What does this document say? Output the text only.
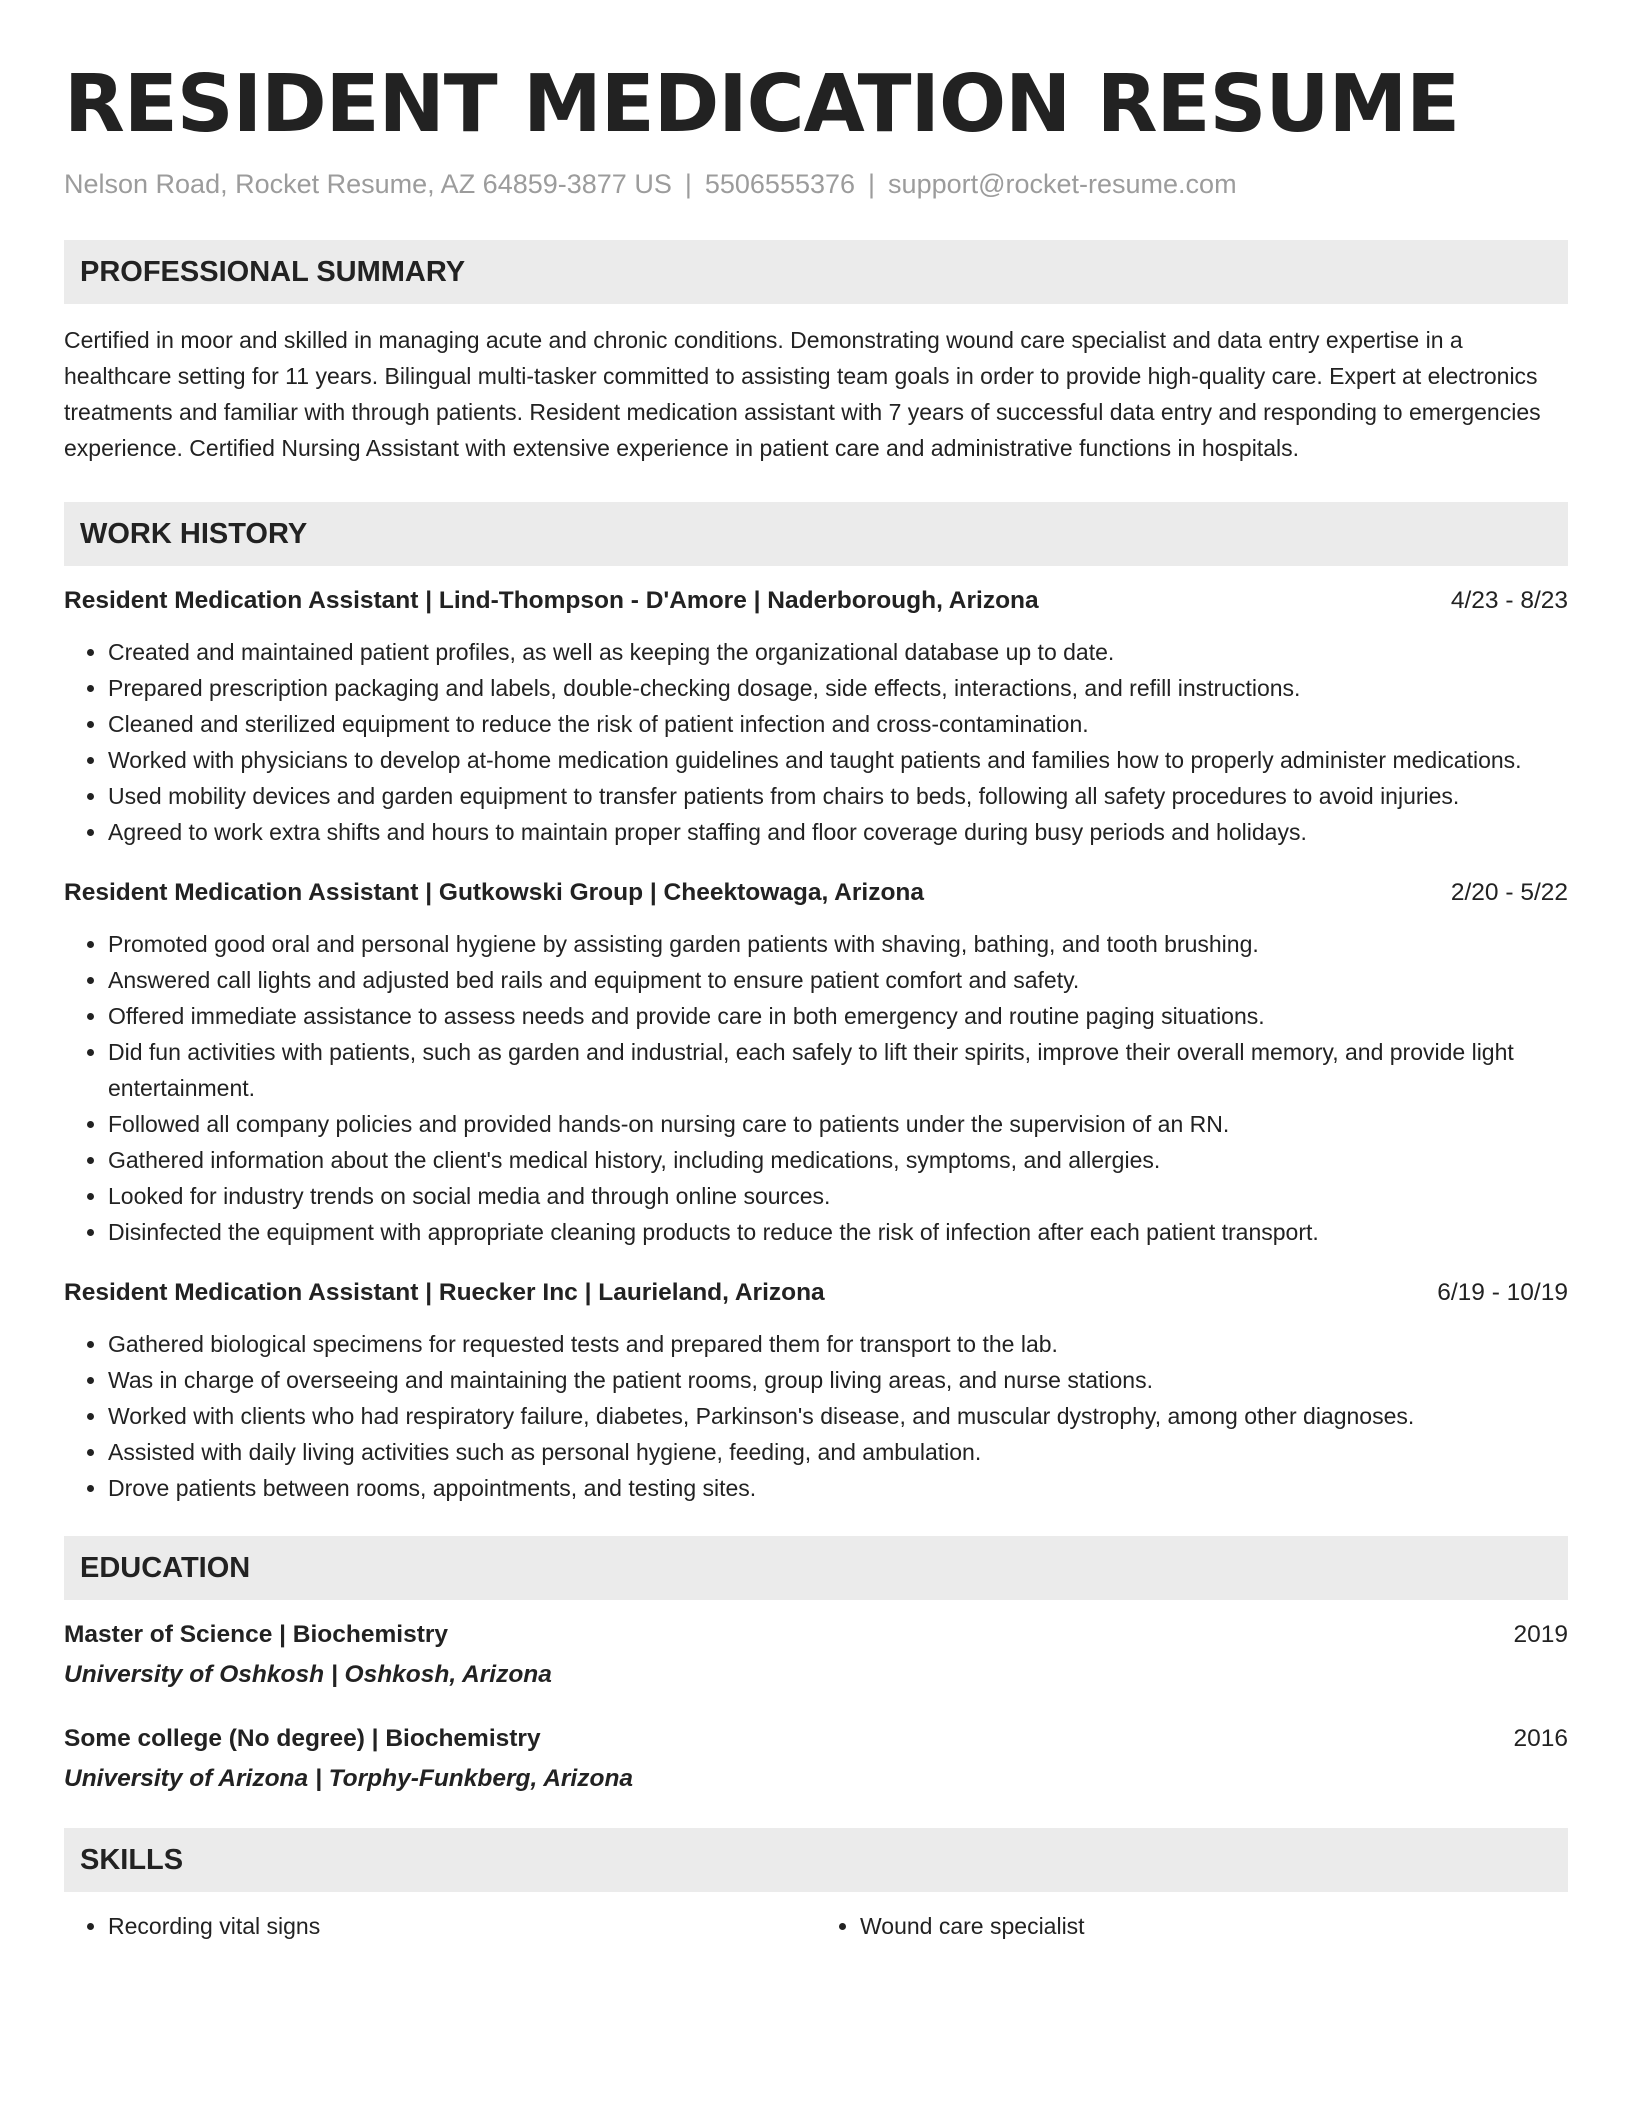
RESIDENT MEDICATION RESUME
Nelson Road, Rocket Resume, AZ 64859-3877 US | 5506555376 | support@rocket-resume.com
PROFESSIONAL SUMMARY
Certified in moor and skilled in managing acute and chronic conditions. Demonstrating wound care specialist and data entry expertise in a healthcare setting for 11 years. Bilingual multi-tasker committed to assisting team goals in order to provide high-quality care. Expert at electronics treatments and familiar with through patients. Resident medication assistant with 7 years of successful data entry and responding to emergencies experience. Certified Nursing Assistant with extensive experience in patient care and administrative functions in hospitals.
WORK HISTORY
Resident Medication Assistant | Lind-Thompson - D'Amore | Naderborough, Arizona	4/23 - 8/23
• Created and maintained patient profiles, as well as keeping the organizational database up to date.
• Prepared prescription packaging and labels, double-checking dosage, side effects, interactions, and refill instructions.
• Cleaned and sterilized equipment to reduce the risk of patient infection and cross-contamination.
• Worked with physicians to develop at-home medication guidelines and taught patients and families how to properly administer medications.
• Used mobility devices and garden equipment to transfer patients from chairs to beds, following all safety procedures to avoid injuries.
• Agreed to work extra shifts and hours to maintain proper staffing and floor coverage during busy periods and holidays.
Resident Medication Assistant | Gutkowski Group | Cheektowaga, Arizona	2/20 - 5/22
• Promoted good oral and personal hygiene by assisting garden patients with shaving, bathing, and tooth brushing.
• Answered call lights and adjusted bed rails and equipment to ensure patient comfort and safety.
• Offered immediate assistance to assess needs and provide care in both emergency and routine paging situations.
• Did fun activities with patients, such as garden and industrial, each safely to lift their spirits, improve their overall memory, and provide light entertainment.
• Followed all company policies and provided hands-on nursing care to patients under the supervision of an RN.
• Gathered information about the client's medical history, including medications, symptoms, and allergies.
• Looked for industry trends on social media and through online sources.
• Disinfected the equipment with appropriate cleaning products to reduce the risk of infection after each patient transport.
Resident Medication Assistant | Ruecker Inc | Laurieland, Arizona	6/19 - 10/19
• Gathered biological specimens for requested tests and prepared them for transport to the lab.
• Was in charge of overseeing and maintaining the patient rooms, group living areas, and nurse stations.
• Worked with clients who had respiratory failure, diabetes, Parkinson's disease, and muscular dystrophy, among other diagnoses.
• Assisted with daily living activities such as personal hygiene, feeding, and ambulation.
• Drove patients between rooms, appointments, and testing sites.
EDUCATION
Master of Science | Biochemistry	2019
University of Oshkosh | Oshkosh, Arizona
Some college (No degree) | Biochemistry	2016
University of Arizona | Torphy-Funkberg, Arizona
SKILLS
• Recording vital signs
•	Wound care specialist
